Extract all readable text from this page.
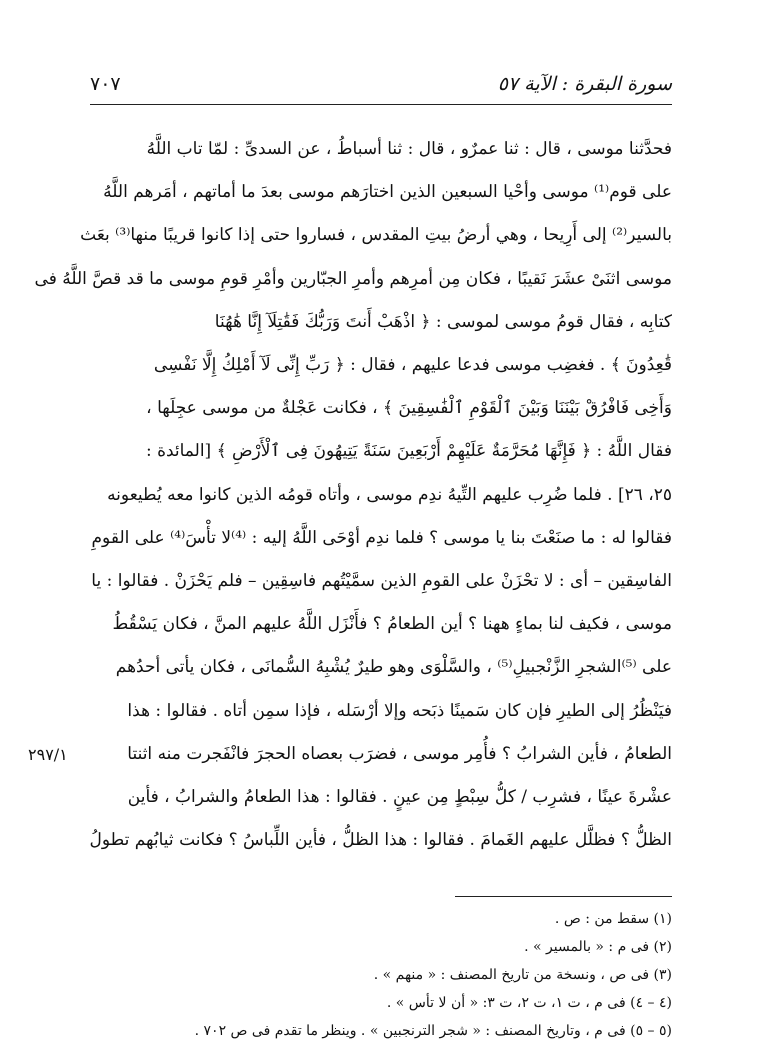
سورة البقرة : الآية ٥٧
٧٠٧
فحدَّثنا موسى ، قال : ثنا عمرٌو ، قال : ثنا أسباطُ ، عن السدىِّ : لمّا تاب اللَّهُ
على قوم⁽¹⁾ موسى وأحْيا السبعين الذين اختارَهم موسى بعدَ ما أماتهم ، أمَرهم اللَّهُ
بالسير⁽²⁾ إلى أَرِيحا ، وهي أرضُ بيتِ المقدس ، فساروا حتى إذا كانوا قريبًا منها⁽³⁾ بعَث
موسى اثنَىْ عشَرَ نَقيبًا ، فكان مِن أمرِهم وأمرِ الجبّارين وأمْرِ قومِ موسى ما قد قصَّ اللَّهُ فى
كتابِه ، فقال قومُ موسى لموسى : ﴿ اذْهَبْ أَنتَ وَرَبُّكَ فَقَٰتِلَآ إِنَّا هَٰهُنَا
قَٰعِدُونَ ﴾ . فغضِب موسى فدعا عليهم ، فقال : ﴿ رَبِّ إِنِّى لَآ أَمْلِكُ إِلَّا نَفْسِى
وَأَخِى فَافْرُقْ بَيْنَنَا وَبَيْنَ ٱلْقَوْمِ ٱلْفَٰسِقِينَ ﴾ ، فكانت عَجْلةٌ من موسى عجِلَها ،
فقال اللَّهُ : ﴿ فَإِنَّهَا مُحَرَّمَةٌ عَلَيْهِمْ أَرْبَعِينَ سَنَةً يَتِيهُونَ فِى ٱلْأَرْضِ ﴾ [المائدة :
٢٥، ٢٦] . فلما ضُرِب عليهم التِّيهُ ندِم موسى ، وأتاه قومُه الذين كانوا معه يُطيعونه
فقالوا له : ما صنَعْتَ بنا يا موسى ؟ فلما ندِم أوْحَى اللَّهُ إليه : ⁽⁴⁾لا تأْسَ⁽⁴⁾ على القومِ
الفاسِقين – أى : لا تحْزَنْ على القومِ الذين سمَّيْتُهم فاسِقِين – فلم يَحْزَنْ . فقالوا : يا
موسى ، فكيف لنا بماءٍ ههنا ؟ أين الطعامُ ؟ فأَنْزَل اللَّهُ عليهم المنَّ ، فكان يَسْقُطُ
على ⁽⁵⁾الشجرِ الزَّنْجبيلِ⁽⁵⁾ ، والسَّلْوَى وهو طيرٌ يُشْبِهُ السُّمانَى ، فكان يأتى أحدُهم
فيَنْظُرُ إلى الطيرِ فإن كان سَمينًا ذبَحه وإلا أرْسَله ، فإذا سمِن أتاه . فقالوا : هذا
الطعامُ ، فأين الشرابُ ؟ فأُمِر موسى ، فضرَب بعصاه الحجرَ فانْفَجرت منه اثنتا
عشْرةَ عينًا ، فشرِب / كلُّ سِبْطٍ مِن عينٍ . فقالوا : هذا الطعامُ والشرابُ ، فأين
الظلُّ ؟ فظلَّل عليهم الغَمامَ . فقالوا : هذا الظلُّ ، فأين اللِّباسُ ؟ فكانت ثيابُهم تطولُ
٢٩٧/١
(١) سقط من : ص .
(٢) فى م : « بالمسير » .
(٣) فى ص ، ونسخة من تاريخ المصنف : « منهم » .
(٤ – ٤) فى م ، ت ١، ت ٢، ت ٣: « أن لا تأس » .
(٥ – ٥) فى م ، وتاريخ المصنف : « شجر الترنجبين » . وينظر ما تقدم فى ص ٧٠٢ .
